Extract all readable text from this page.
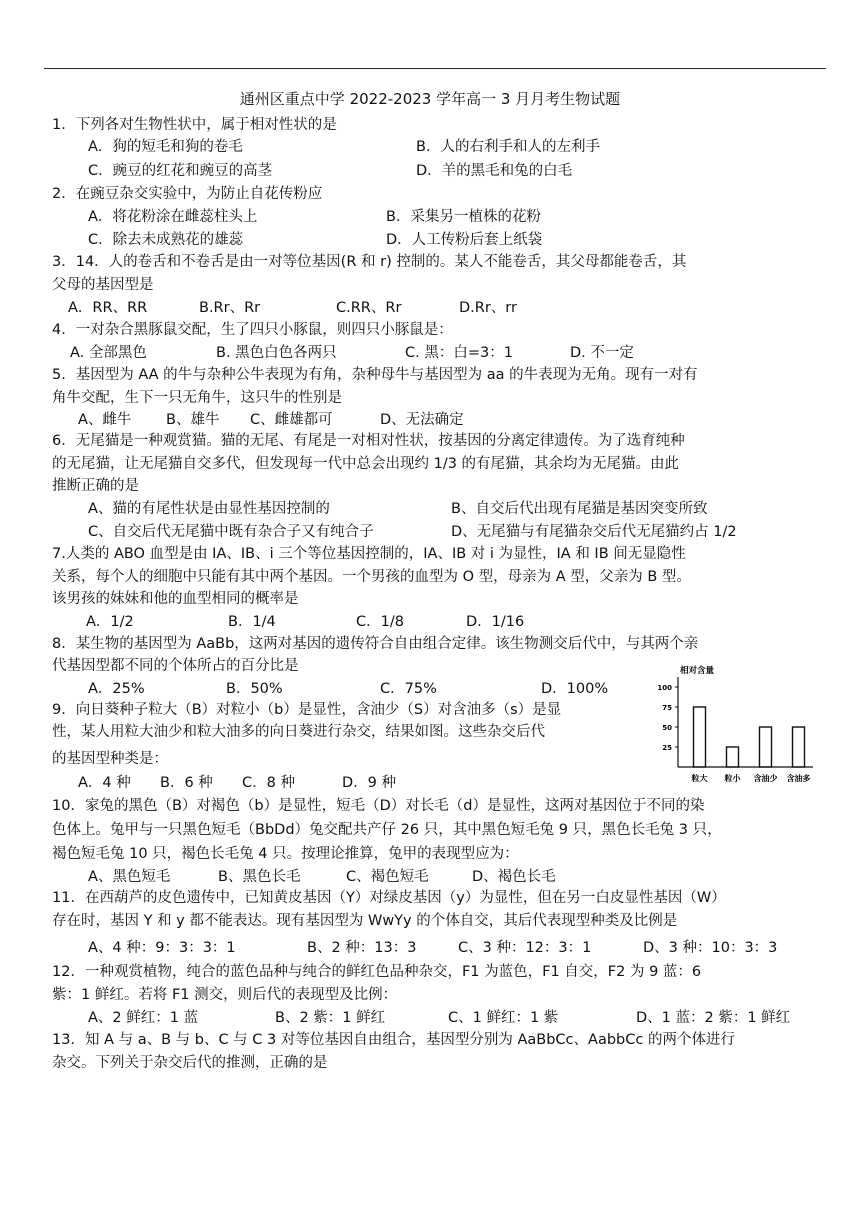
通州区重点中学 2022-2023 学年高一 3 月月考生物试题
1．下列各对生物性状中，属于相对性状的是
A．狗的短毛和狗的卷毛	B．人的右利手和人的左利手
C．豌豆的红花和豌豆的高茎	D．羊的黑毛和兔的白毛
2．在豌豆杂交实验中，为防止自花传粉应
A．将花粉涂在雌蕊柱头上	B．采集另一植株的花粉
C．除去未成熟花的雄蕊	D．人工传粉后套上纸袋
3．14．人的卷舌和不卷舌是由一对等位基因(R 和 r) 控制的。某人不能卷舌，其父母都能卷舌，其
父母的基因型是
A．RR、RR	B.Rr、Rr	C.RR、Rr	D.Rr、rr
4．一对杂合黑豚鼠交配，生了四只小豚鼠，则四只小豚鼠是：
A. 全部黑色	B. 黑色白色各两只	C. 黑：白=3：1	D. 不一定
5．基因型为 AA 的牛与杂种公牛表现为有角，杂种母牛与基因型为 aa 的牛表现为无角。现有一对有
角牛交配，生下一只无角牛，这只牛的性别是
A、雌牛 B、雄牛 C、雌雄都可	D、无法确定
6．无尾猫是一种观赏猫。猫的无尾、有尾是一对相对性状，按基因的分离定律遗传。为了选育纯种
的无尾猫，让无尾猫自交多代，但发现每一代中总会出现约 1/3 的有尾猫，其余均为无尾猫。由此
推断正确的是
A、猫的有尾性状是由显性基因控制的	B、自交后代出现有尾猫是基因突变所致
C、自交后代无尾猫中既有杂合子又有纯合子	D、无尾猫与有尾猫杂交后代无尾猫约占 1/2
7.人类的 ABO 血型是由 IA、IB、i 三个等位基因控制的，IA、IB 对 i 为显性，IA 和 IB 间无显隐性
关系，每个人的细胞中只能有其中两个基因。一个男孩的血型为 O 型，母亲为 A 型，父亲为 B 型。
该男孩的妹妹和他的血型相同的概率是
A．1/2	B．1/4	C．1/8	D．1/16
8．某生物的基因型为 AaBb，这两对基因的遗传符合自由组合定律。该生物测交后代中，与其两个亲
代基因型都不同的个体所占的百分比是
A．25%	B．50%	C．75%	D．100%
9．向日葵种子粒大（B）对粒小（b）是显性，含油少（S）对含油多（s）是显
性，某人用粒大油少和粒大油多的向日葵进行杂交，结果如图。这些杂交后代
的基因型种类是：
A．4 种 B．6 种 C．8 种	D．9 种
10．家兔的黑色（B）对褐色（b）是显性，短毛（D）对长毛（d）是显性，这两对基因位于不同的染
色体上。兔甲与一只黑色短毛（BbDd）兔交配共产仔 26 只，其中黑色短毛兔 9 只，黑色长毛兔 3 只，
褐色短毛兔 10 只，褐色长毛兔 4 只。按理论推算，兔甲的表现型应为：
A、黑色短毛	B、黑色长毛	C、褐色短毛	D、褐色长毛
11．在西葫芦的皮色遗传中，已知黄皮基因（Y）对绿皮基因（y）为显性，但在另一白皮显性基因（W）
存在时，基因 Y 和 y 都不能表达。现有基因型为 WwYy 的个体自交，其后代表现型种类及比例是
A、4 种：9：3：3：1	B、2 种：13：3	C、3 种：12：3：1	D、3 种：10：3：3
12．一种观赏植物，纯合的蓝色品种与纯合的鲜红色品种杂交，F1 为蓝色，F1 自交，F2 为 9 蓝：6
紫：1 鲜红。若将 F1 测交，则后代的表现型及比例：
A、2 鲜红：1 蓝	B、2 紫：1 鲜红	C、1 鲜红：1 紫	D、1 蓝：2 紫：1 鲜红
13．知 A 与 a、B 与 b、C 与 C 3 对等位基因自由组合，基因型分别为 AaBbCc、AabbCc 的两个体进行
杂交。下列关于杂交后代的推测，正确的是
相对含量
25
50
75
100
粒大 粒小 含油少 含油多
